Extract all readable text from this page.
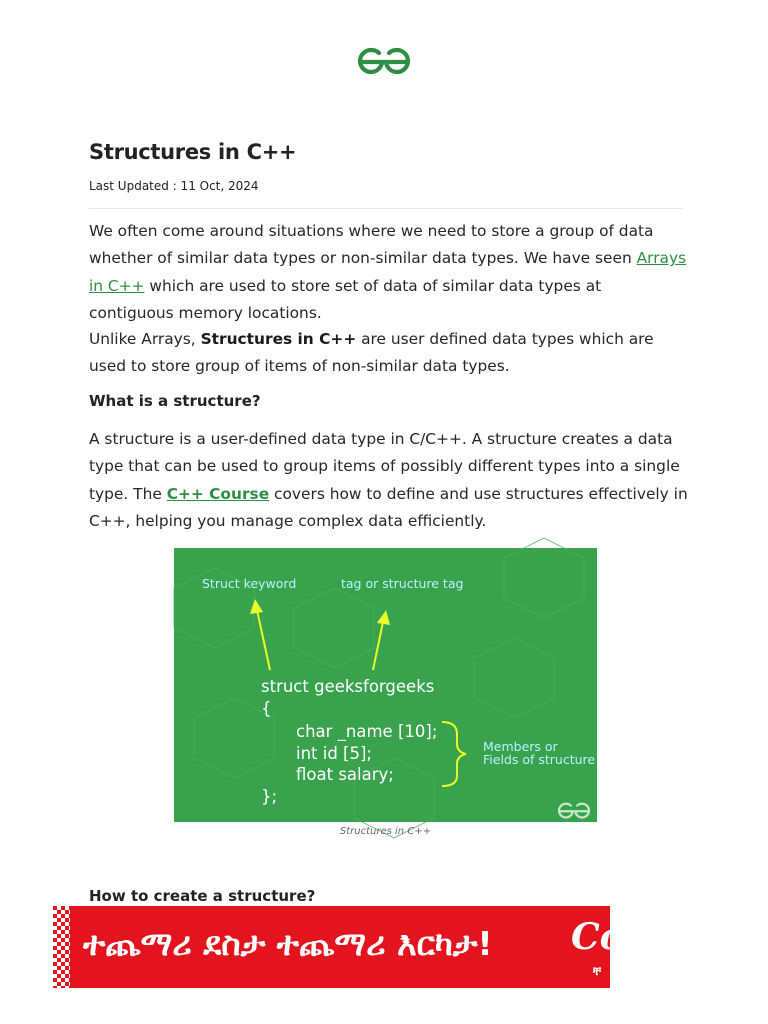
Structures in C++
Last Updated : 11 Oct, 2024

We often come around situations where we need to store a group of data whether of similar data types or non-similar data types. We have seen Arrays in C++ which are used to store set of data of similar data types at contiguous memory locations.

Unlike Arrays, Structures in C++ are user defined data types which are used to store group of items of non-similar data types.

What is a structure?

A structure is a user-defined data type in C/C++. A structure creates a data type that can be used to group items of possibly different types into a single type. The C++ Course covers how to define and use structures effectively in C++, helping you manage complex data efficiently.

Struct keyword	tag or structure tag
struct geeksforgeeks
{
char _name [10];
int id [5];
float salary;
};
Members or
Fields of structure
Structures in C++
How to create a structure?
ተጨማሪ ደስታ ተጨማሪ እርካታ! Coca
ቸ
